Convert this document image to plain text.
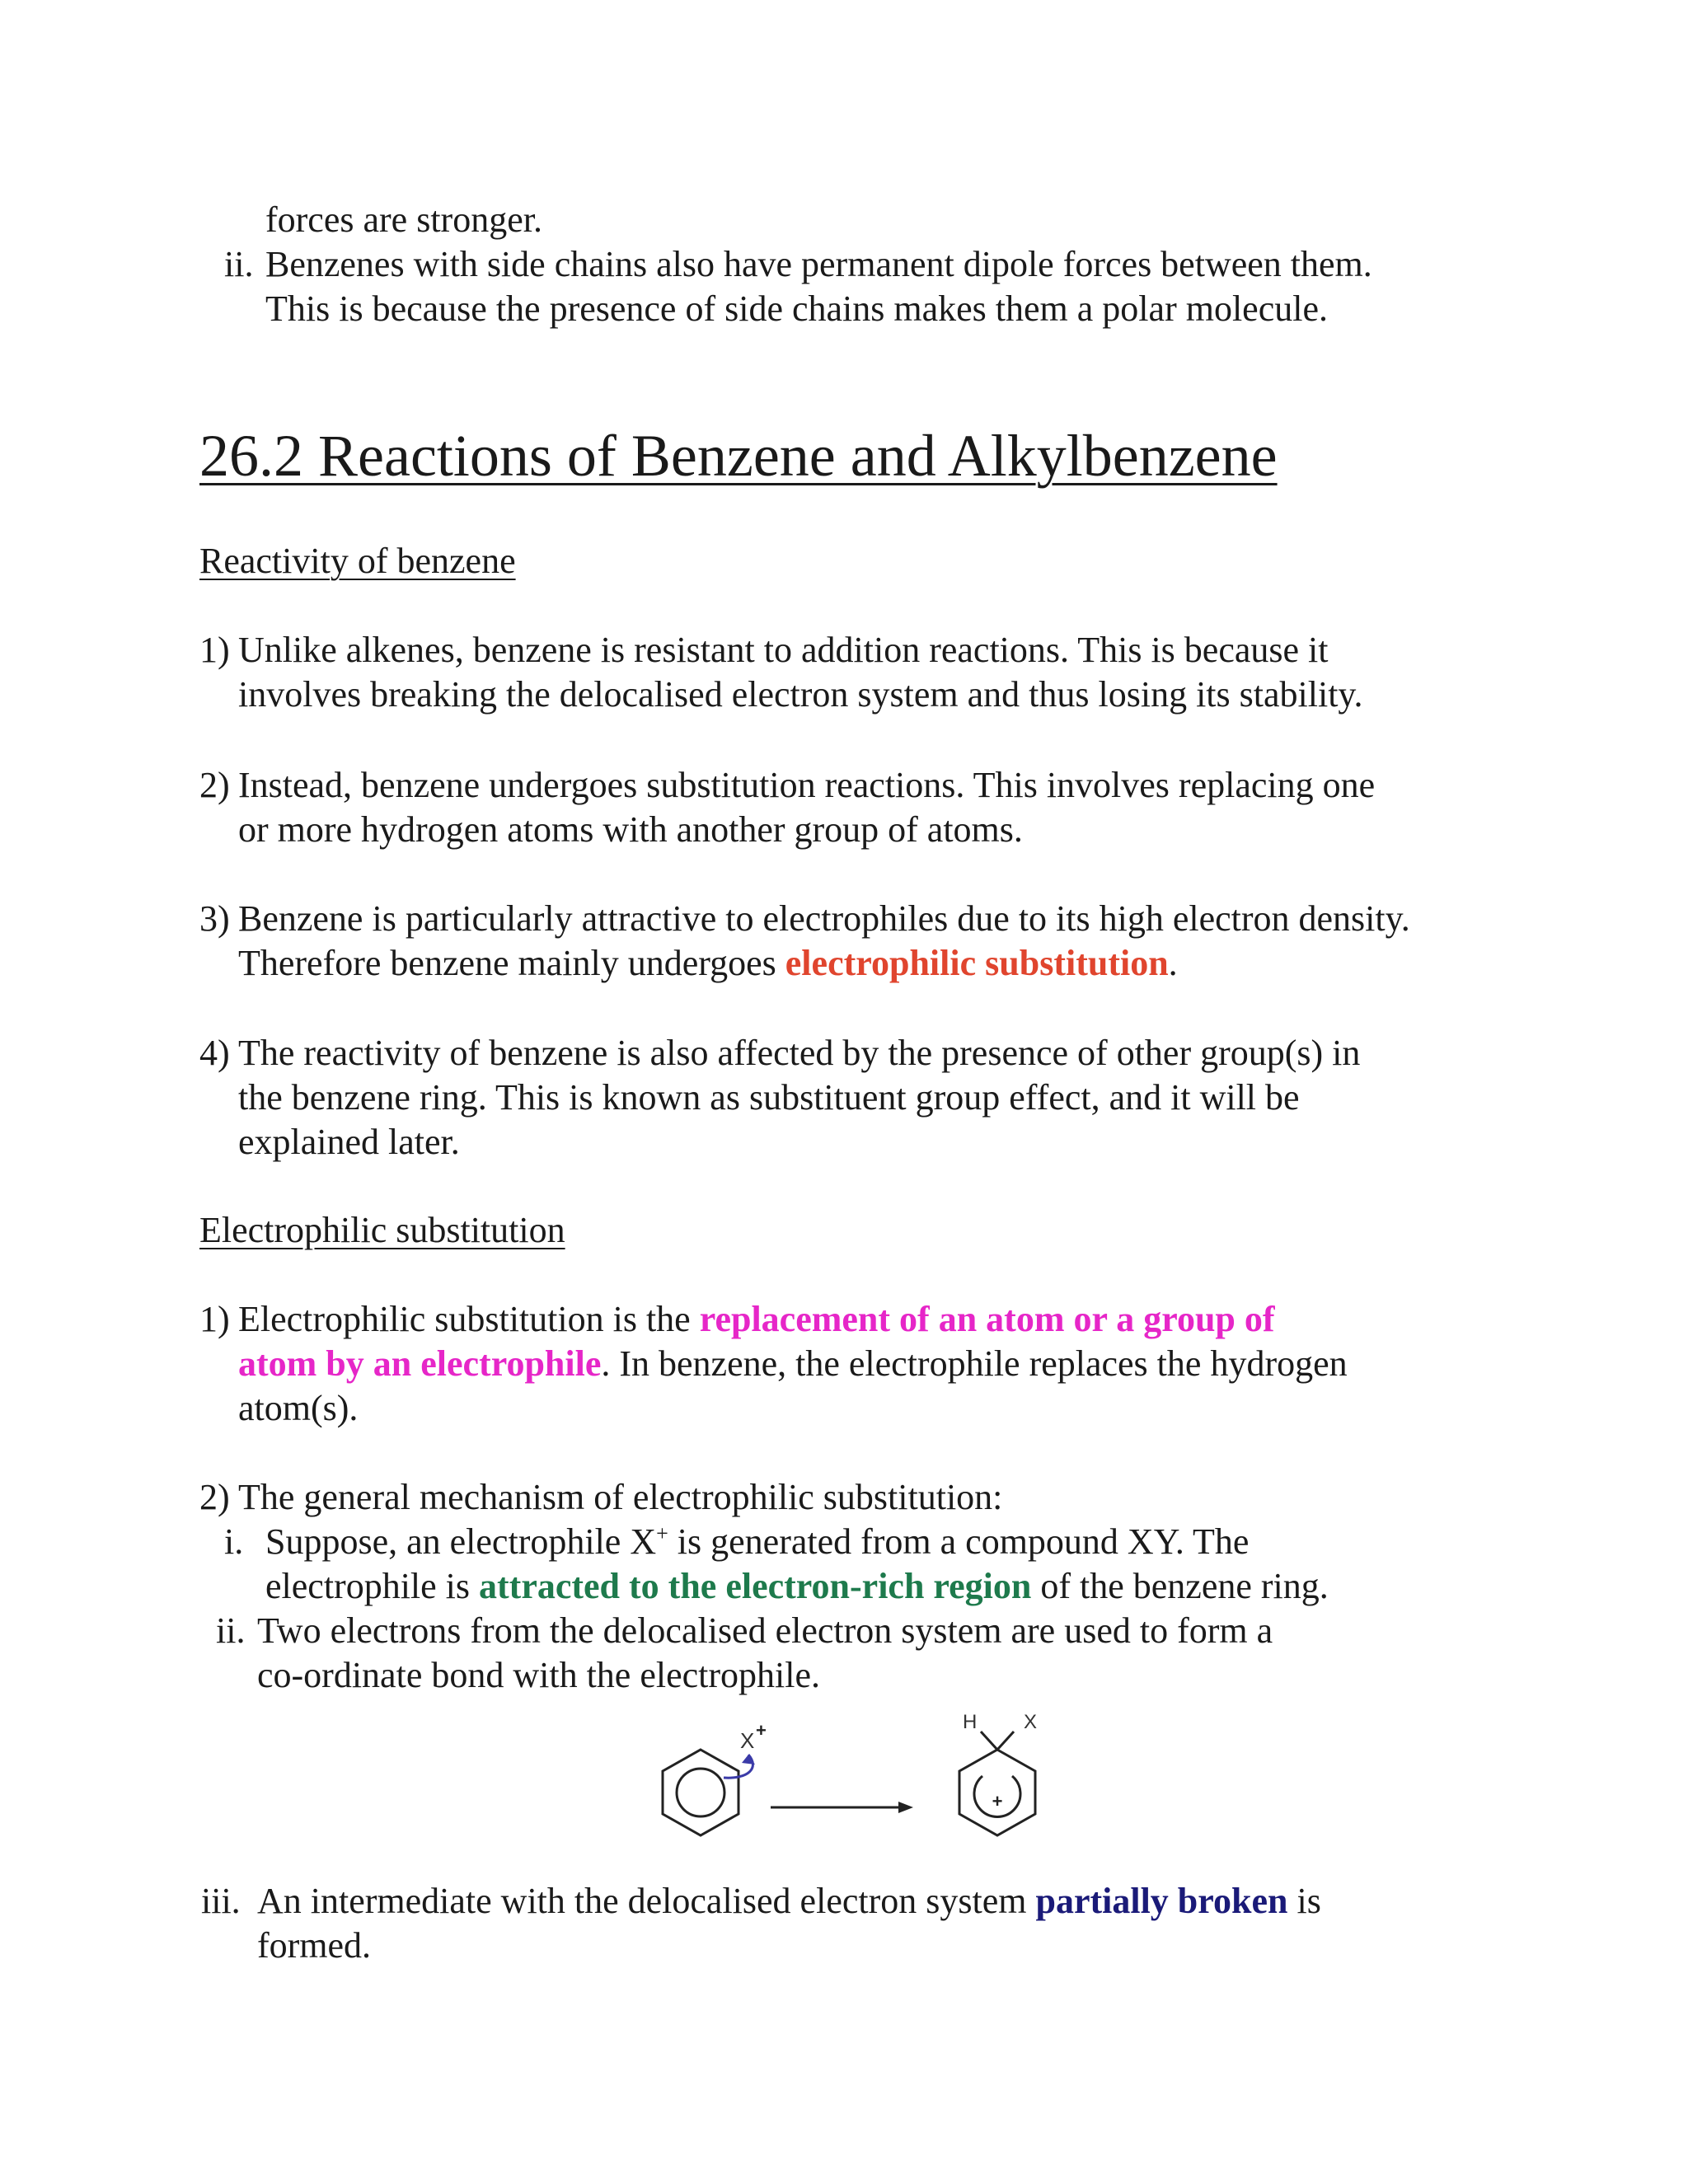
forces are stronger.
ii. Benzenes with side chains also have permanent dipole forces between them.
This is because the presence of side chains makes them a polar molecule.
26.2 Reactions of Benzene and Alkylbenzene
Reactivity of benzene
1) Unlike alkenes, benzene is resistant to addition reactions. This is because it
involves breaking the delocalised electron system and thus losing its stability.
2) Instead, benzene undergoes substitution reactions. This involves replacing one
or more hydrogen atoms with another group of atoms.
3) Benzene is particularly attractive to electrophiles due to its high electron density.
Therefore benzene mainly undergoes electrophilic substitution.
4) The reactivity of benzene is also affected by the presence of other group(s) in
the benzene ring. This is known as substituent group effect, and it will be
explained later.
Electrophilic substitution
1) Electrophilic substitution is the replacement of an atom or a group of
atom by an electrophile. In benzene, the electrophile replaces the hydrogen
atom(s).
2) The general mechanism of electrophilic substitution:
i. Suppose, an electrophile X+ is generated from a compound XY. The
electrophile is attracted to the electron-rich region of the benzene ring.
ii. Two electrons from the delocalised electron system are used to form a
co-ordinate bond with the electrophile.
X +
+
H X
iii. An intermediate with the delocalised electron system partially broken is
formed.
